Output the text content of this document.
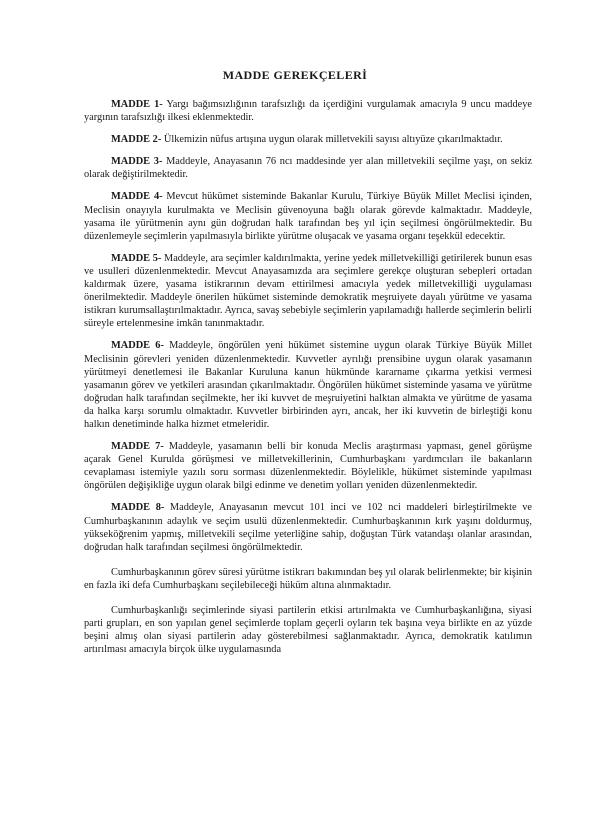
MADDE GEREKÇELERİ

MADDE 1- Yargı bağımsızlığının tarafsızlığı da içerdiğini vurgulamak amacıyla 9 uncu maddeye yargının tarafsızlığı ilkesi eklenmektedir.

MADDE 2- Ülkemizin nüfus artışına uygun olarak milletvekili sayısı altıyüze çıkarılmaktadır.

MADDE 3- Maddeyle, Anayasanın 76 ncı maddesinde yer alan milletvekili seçilme yaşı, on sekiz olarak değiştirilmektedir.

MADDE 4- Mevcut hükümet sisteminde Bakanlar Kurulu, Türkiye Büyük Millet Meclisi içinden, Meclisin onayıyla kurulmakta ve Meclisin güvenoyuna bağlı olarak görevde kalmaktadır. Maddeyle, yasama ile yürütmenin aynı gün doğrudan halk tarafından beş yıl için seçilmesi öngörülmektedir. Bu düzenlemeyle seçimlerin yapılmasıyla birlikte yürütme oluşacak ve yasama organı teşekkül edecektir.

MADDE 5- Maddeyle, ara seçimler kaldırılmakta, yerine yedek milletvekilliği getirilerek bunun esas ve usulleri düzenlenmektedir. Mevcut Anayasamızda ara seçimlere gerekçe oluşturan sebepleri ortadan kaldırmak üzere, yasama istikrarının devam ettirilmesi amacıyla yedek milletvekilliği uygulaması önerilmektedir. Maddeyle önerilen hükümet sisteminde demokratik meşruiyete dayalı yürütme ve yasama istikrarı kurumsallaştırılmaktadır. Ayrıca, savaş sebebiyle seçimlerin yapılamadığı hallerde seçimlerin belirli süreyle ertelenmesine imkân tanınmaktadır.

MADDE 6- Maddeyle, öngörülen yeni hükümet sistemine uygun olarak Türkiye Büyük Millet Meclisinin görevleri yeniden düzenlenmektedir. Kuvvetler ayrılığı prensibine uygun olarak yasamanın yürütmeyi denetlemesi ile Bakanlar Kuruluna kanun hükmünde kararname çıkarma yetkisi vermesi yasamanın görev ve yetkileri arasından çıkarılmaktadır. Öngörülen hükümet sisteminde yasama ve yürütme doğrudan halk tarafından seçilmekte, her iki kuvvet de meşruiyetini halktan almakta ve yürütme de yasama da halka karşı sorumlu olmaktadır. Kuvvetler birbirinden ayrı, ancak, her iki kuvvetin de birleştiği konu halkın denetiminde halka hizmet etmeleridir.

MADDE 7- Maddeyle, yasamanın belli bir konuda Meclis araştırması yapması, genel görüşme açarak Genel Kurulda görüşmesi ve milletvekillerinin, Cumhurbaşkanı yardımcıları ile bakanların cevaplaması istemiyle yazılı soru sorması düzenlenmektedir. Böylelikle, hükümet sisteminde yapılması öngörülen değişikliğe uygun olarak bilgi edinme ve denetim yolları yeniden düzenlenmektedir.

MADDE 8- Maddeyle, Anayasanın mevcut 101 inci ve 102 nci maddeleri birleştirilmekte ve Cumhurbaşkanının adaylık ve seçim usulü düzenlenmektedir. Cumhurbaşkanının kırk yaşını doldurmuş, yükseköğrenim yapmış, milletvekili seçilme yeterliğine sahip, doğuştan Türk vatandaşı olanlar arasından, doğrudan halk tarafından seçilmesi öngörülmektedir.

Cumhurbaşkanının görev süresi yürütme istikrarı bakımından beş yıl olarak belirlenmekte; bir kişinin en fazla iki defa Cumhurbaşkanı seçilebileceği hüküm altına alınmaktadır.

Cumhurbaşkanlığı seçimlerinde siyasi partilerin etkisi artırılmakta ve Cumhurbaşkanlığına, siyasi parti grupları, en son yapılan genel seçimlerde toplam geçerli oyların tek başına veya birlikte en az yüzde beşini almış olan siyasi partilerin aday gösterebilmesi sağlanmaktadır. Ayrıca, demokratik katılımın artırılması amacıyla birçok ülke uygulamasında
